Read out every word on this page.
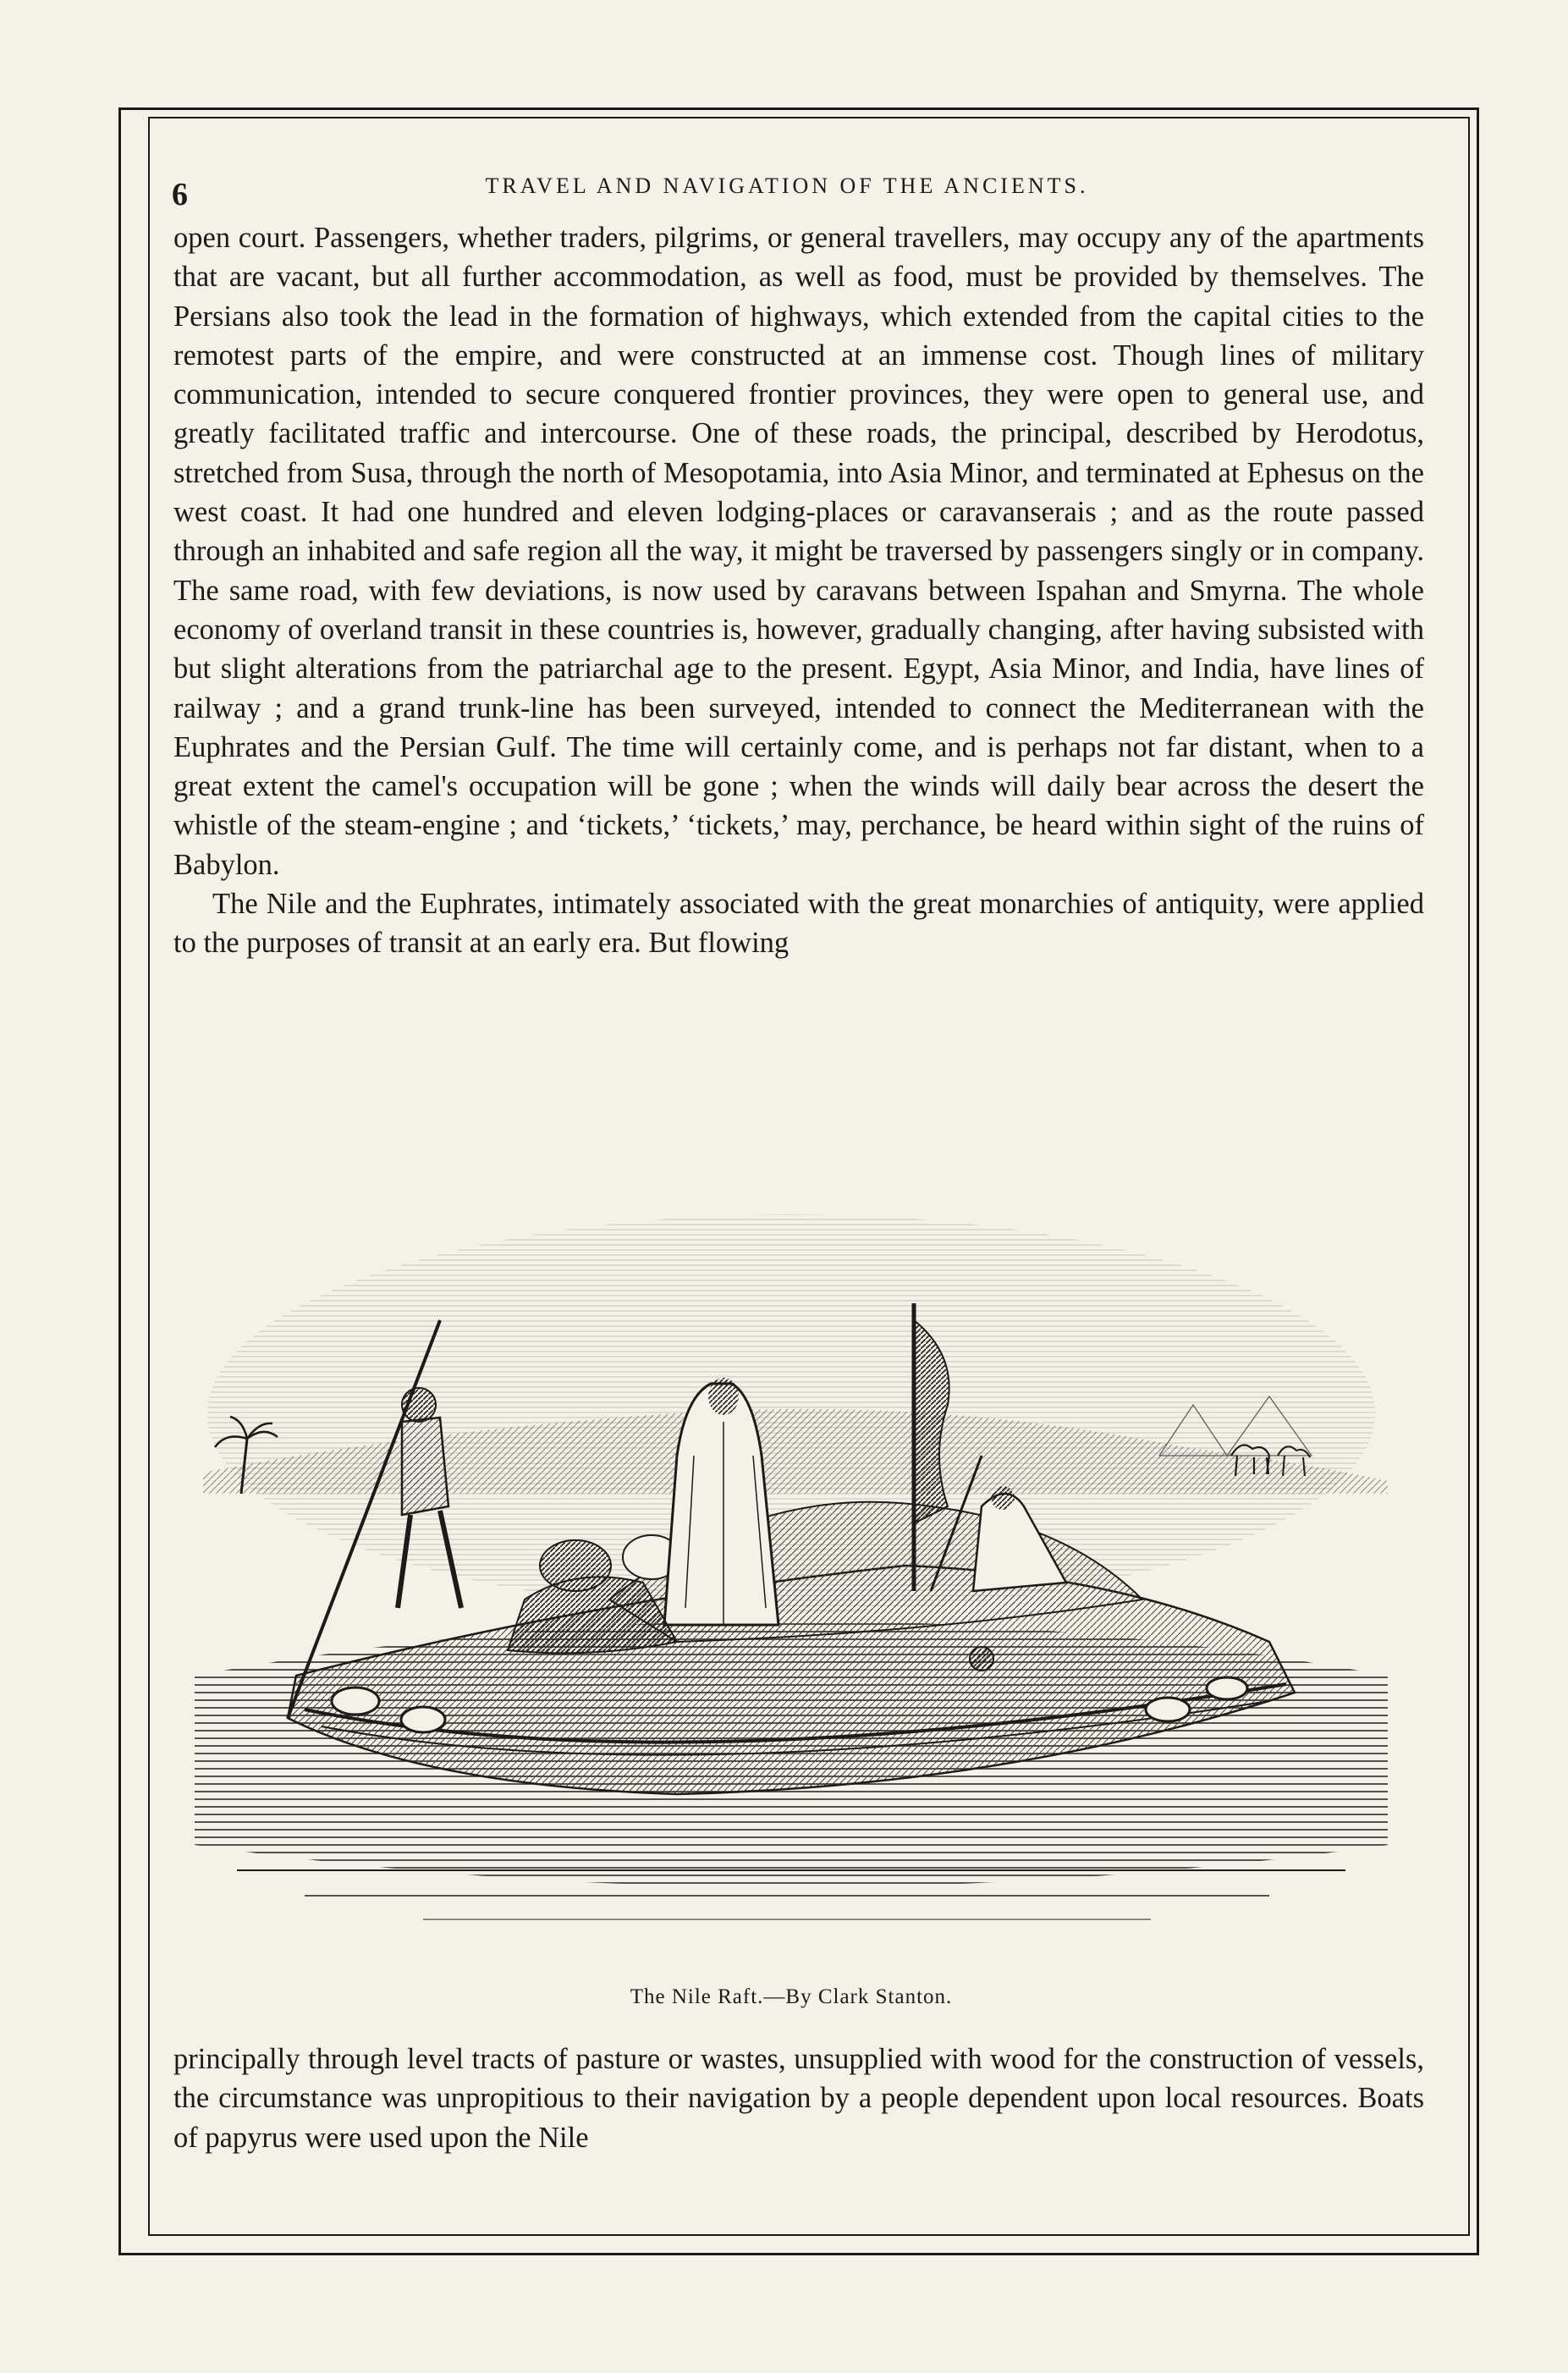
6	TRAVEL AND NAVIGATION OF THE ANCIENTS.

open court. Passengers, whether traders, pilgrims, or general travellers, may occupy any of the apartments that are vacant, but all further accommodation, as well as food, must be provided by themselves. The Persians also took the lead in the formation of highways, which extended from the capital cities to the remotest parts of the empire, and were constructed at an immense cost. Though lines of military communication, intended to secure conquered frontier provinces, they were open to general use, and greatly facilitated traffic and intercourse. One of these roads, the principal, described by Herodotus, stretched from Susa, through the north of Mesopotamia, into Asia Minor, and terminated at Ephesus on the west coast. It had one hundred and eleven lodging-places or caravanserais ; and as the route passed through an inhabited and safe region all the way, it might be traversed by passengers singly or in company. The same road, with few deviations, is now used by caravans between Ispahan and Smyrna. The whole economy of overland transit in these countries is, however, gradually changing, after having subsisted with but slight alterations from the patriarchal age to the present. Egypt, Asia Minor, and India, have lines of railway ; and a grand trunk-line has been surveyed, intended to connect the Mediterranean with the Euphrates and the Persian Gulf. The time will certainly come, and is perhaps not far distant, when to a great extent the camel's occupation will be gone ; when the winds will daily bear across the desert the whistle of the steam-engine ; and ‘tickets,’ ‘tickets,’ may, perchance, be heard within sight of the ruins of Babylon.

The Nile and the Euphrates, intimately associated with the great monarchies of antiquity, were applied to the purposes of transit at an early era. But flowing

The Nile Raft.—By Clark Stanton.

principally through level tracts of pasture or wastes, unsupplied with wood for the construction of vessels, the circumstance was unpropitious to their navigation by a people dependent upon local resources. Boats of papyrus were used upon the Nile
